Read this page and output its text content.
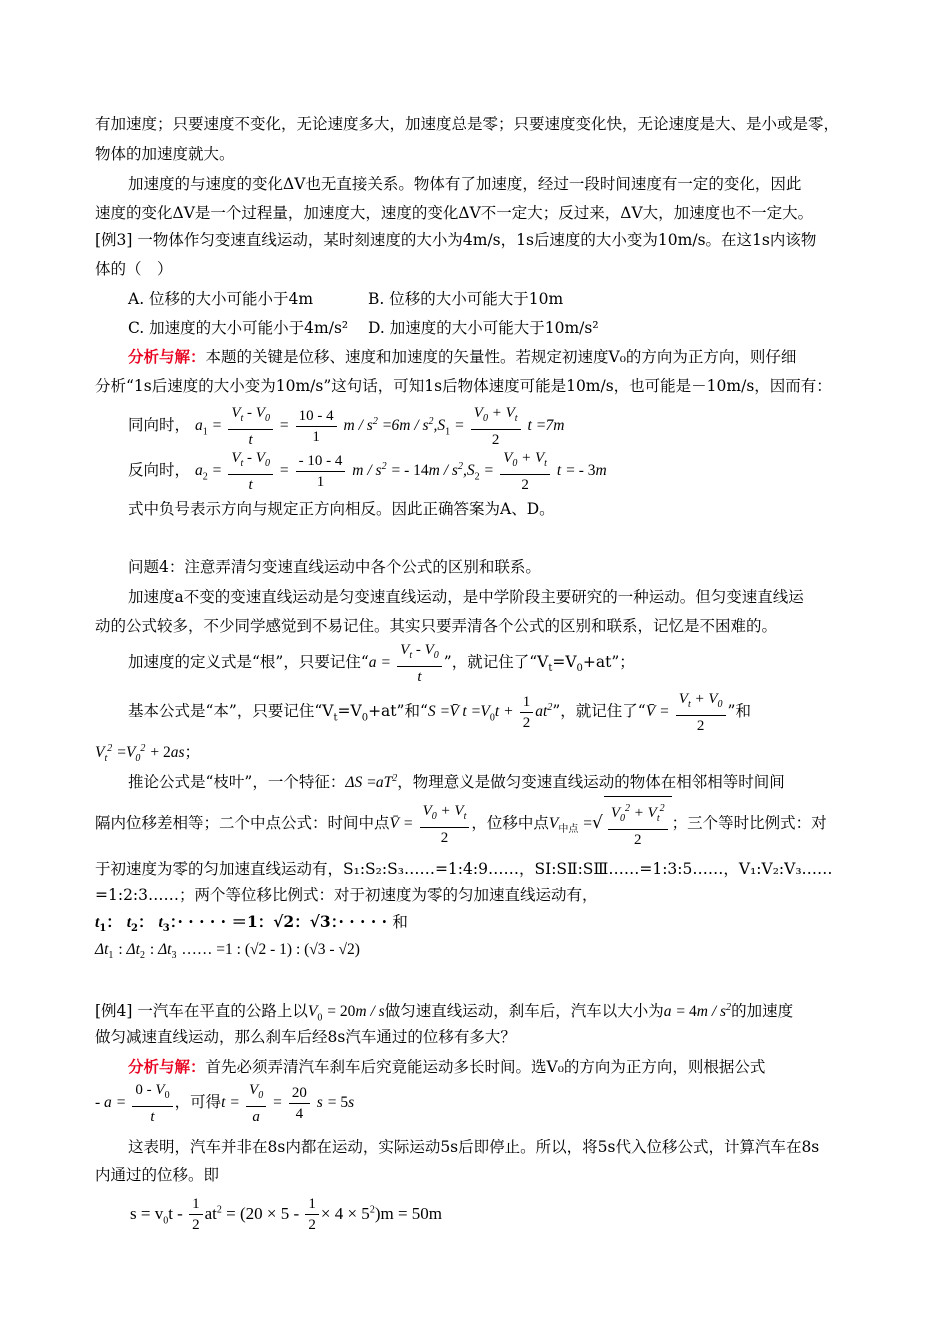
有加速度；只要速度不变化，无论速度多大，加速度总是零；只要速度变化快，无论速度是大、是小或是零，
物体的加速度就大。
加速度的与速度的变化ΔV也无直接关系。物体有了加速度，经过一段时间速度有一定的变化，因此
速度的变化ΔV是一个过程量，加速度大，速度的变化ΔV不一定大；反过来，ΔV大，加速度也不一定大。
[例3] 一物体作匀变速直线运动，某时刻速度的大小为4m/s，1s后速度的大小变为10m/s。在这1s内该物
体的（　）
A. 位移的大小可能小于4m	B. 位移的大小可能大于10m
C. 加速度的大小可能小于4m/s²	D. 加速度的大小可能大于10m/s²
分析与解：本题的关键是位移、速度和加速度的矢量性。若规定初速度V₀的方向为正方向，则仔细
分析“1s后速度的大小变为10m/s”这句话，可知1s后物体速度可能是10m/s，也可能是－10m/s，因而有：
同向时， $a_1 = \frac{V_t - V_0}{t} = \frac{10 - 4}{1}$ $m / s^2 =6m / s^2,S_1 = \frac{V_0 + V_t}{2}$ t =7m
反向时， $a_2 = \frac{V_t - V_0}{t} = \frac{- 10 - 4}{1}$ m / $s^2$ = - $14m / s^2,S_2 = \frac{V_0 + V_t}{2}$ t = - 3m
式中负号表示方向与规定正方向相反。因此正确答案为A、D。
问题4：注意弄清匀变速直线运动中各个公式的区别和联系。
加速度a不变的变速直线运动是匀变速直线运动，是中学阶段主要研究的一种运动。但匀变速直线运
动的公式较多，不少同学感觉到不易记住。其实只要弄清各个公式的区别和联系，记忆是不困难的。
加速度的定义式是“根”，只要记住“$a = \frac{V_t - V_0}{t}$ ”，就记住了“$V_t=V_0+at$”；
基本公式是“本”，只要记住“$V_t=V_0+at$”和“S =V̄ $t =V_0t + \frac{1}{2} at^2$”，就记住了“V̄ = $\frac{V_t + V_0}{2}$ ”和
$V_t^2 =V_0^2 + 2as$；
推论公式是“枝叶”，一个特征：$\Delta S =aT^2$，物理意义是做匀变速直线运动的物体在相邻相等时间间
隔内位移差相等；二个中点公式：时间中点V̄ = $\frac{V_0 + V_t}{2}$ ，位移中点$V_{中点}$ =√ $\frac{V_0^2 + V_t^2}{2}$ ；三个等时比例式：对
于初速度为零的匀加速直线运动有，S₁:S₂:S₃……=1:4:9……，SⅠ:SⅡ:SⅢ……=1:3:5……，V₁:V₂:V₃……
=1:2:3……；两个等位移比例式：对于初速度为零的匀加速直线运动有，
$t_1$： $t_2$： $t_3$：· · · · · ＝1：√2：√3：· · · · · 和
$\Delta t_1$ : $\Delta t_2$ : $\Delta t_3$ …… =1 : (√2 - 1) : (√3 - √2)
[例4] 一汽车在平直的公路上以$V_0 = 20m / s$做匀速直线运动，刹车后，汽车以大小为$a = 4m / s^2$的加速度
做匀减速直线运动，那么刹车后经8s汽车通过的位移有多大？
分析与解：首先必须弄清汽车刹车后究竟能运动多长时间。选V₀的方向为正方向，则根据公式
- $a = \frac{0 - V_0}{t}$ ，可得$t = \frac{V_0}{a} = \frac{20}{4}$ s = 5s
这表明，汽车并非在8s内都在运动，实际运动5s后即停止。所以，将5s代入位移公式，计算汽车在8s
内通过的位移。即
$s = v_0t - \frac{1}{2} at^2 = (20 \times 5 - \frac{1}{2} \times 4 \times 5^2)m = 50m$
